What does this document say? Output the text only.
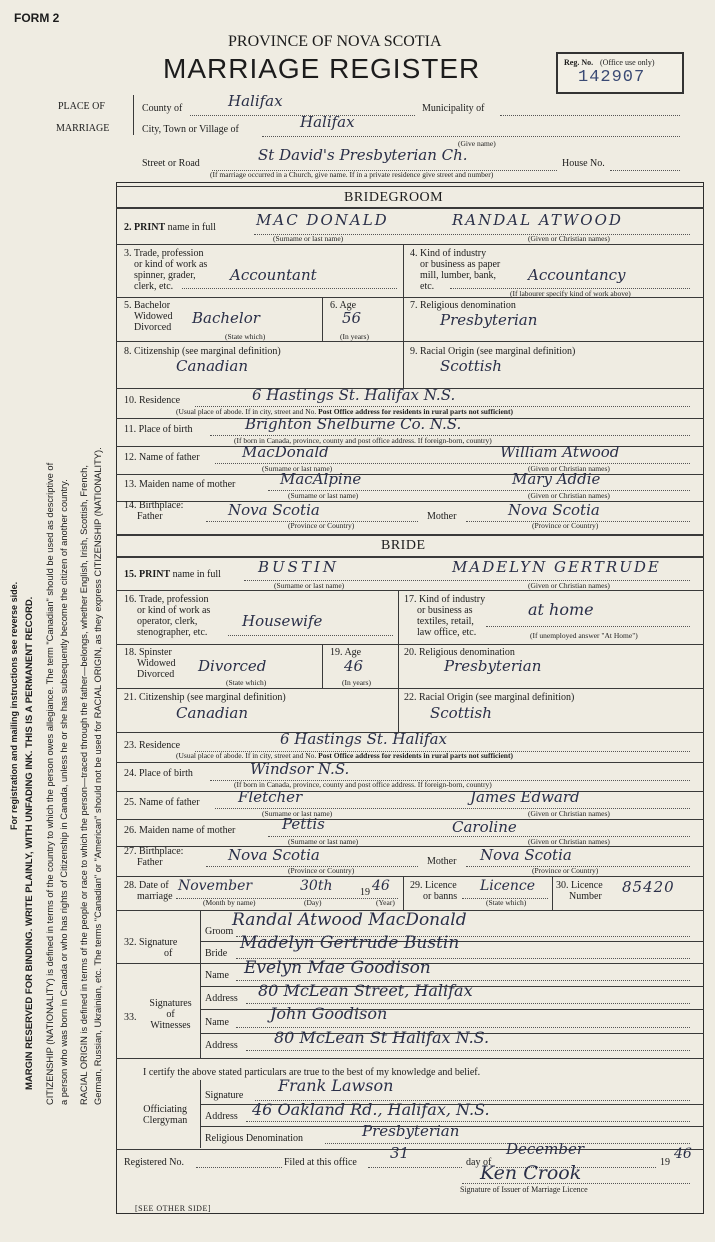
FORM 2
PROVINCE OF NOVA SCOTIA
MARRIAGE REGISTER	Reg. No. (Office use only)
142907
PLACE OF
MARRIAGE
County of	Halifax	Municipality of
City, Town or Village of	Halifax
(Give name)
Street or Road	St David's Presbyterian Ch.	House No.
(If marriage occurred in a Church, give name. If in a private residence give street and number)
For registration and mailing instructions see reverse side. MARGIN RESERVED FOR BINDING. WRITE PLAINLY, WITH UNFADING INK. THIS IS A PERMANENT RECORD. CITIZENSHIP (NATIONALITY) is defined in terms of the country to which the person owes allegiance. The term "Canadian" should be used as descriptive of a person who was born in Canada or who has rights of Citizenship in Canada, unless he or she has subsequently become the citizen of another country. RACIAL ORIGIN is defined in terms of the people or race to which the person—traced through the father—belongs, whether English, Irish, Scottish, French, German, Russian, Ukrainian, etc. The terms "Canadian" or "American" should not be used for RACIAL ORIGIN, as they express CITIZENSHIP (NATIONALITY).
BRIDEGROOM
2. PRINT name in full	MAC DONALD	RANDAL ATWOOD
(Surname or last name)	(Given or Christian names)
3. Trade, profession
or kind of work as
spinner, grader,
clerk, etc.
Accountant
4. Kind of industry
or business as paper
mill, lumber, bank,
etc.
Accountancy
(If labourer specify kind of work above)
5. Bachelor
Widowed
Divorced
Bachelor
(State which)
6. Age
56
(In years)
7. Religious denomination
Presbyterian
8. Citizenship (see marginal definition)
Canadian
9. Racial Origin (see marginal definition)
Scottish
10. Residence	6 Hastings St. Halifax N.S.
(Usual place of abode. If in city, street and No. Post Office address for residents in rural parts not sufficient)
11. Place of birth	Brighton Shelburne Co. N.S.
(If born in Canada, province, county and post office address. If foreign-born, country)
12. Name of father	MacDonald	William Atwood
(Surname or last name)	(Given or Christian names)
13. Maiden name of mother	MacAlpine	Mary Addie
(Surname or last name)	(Given or Christian names)
14. Birthplace:
Father	Nova Scotia
(Province or Country)
Mother	Nova Scotia
(Province or Country)
BRIDE
15. PRINT name in full BUSTIN	MADELYN GERTRUDE
(Surname or last name)	(Given or Christian names)
16. Trade, profession
or kind of work as
operator, clerk,
stenographer, etc.
Housewife
17. Kind of industry
or business as
textiles, retail,
law office, etc.
at home
(If unemployed answer "At Home")
18. Spinster
Widowed
Divorced Divorced
(State which)
19. Age
46
(In years)
20. Religious denomination
Presbyterian
21. Citizenship (see marginal definition)
Canadian
22. Racial Origin (see marginal definition)
Scottish
23. Residence	6 Hastings St. Halifax
(Usual place of abode. If in city, street and No. Post Office address for residents in rural parts not sufficient)
24. Place of birth	Windsor N.S.
(If born in Canada, province, county and post office address. If foreign-born, country)
25. Name of father	Fletcher	James Edward
(Surname or last name)	(Given or Christian names)
26. Maiden name of mother	Pettis	Caroline
(Surname or last name)	(Given or Christian names)
27. Birthplace:
Father	Nova Scotia
(Province or Country)
Mother Nova Scotia
(Province or Country)
28. Date of
marriage
November	30th	19 46
(Month by name)	(Day)	(Year)
29. Licence
or banns
Licence
(State which)
30. Licence
Number
85420
32. Signature
of
Groom
Randal Atwood MacDonald
Bride
Madelyn Gertrude Bustin
33.
Signatures
of
Witnesses
Name Evelyn Mae Goodison
Address 80 McLean Street, Halifax
Name	John Goodison
Address 80 McLean St Halifax N.S.
I certify the above stated particulars are true to the best of my knowledge and belief.
Officiating
Clergyman
Signature
Frank Lawson
Address 46 Oakland Rd., Halifax, N.S.
Religious Denomination	Presbyterian
Registered No.	Filed at this office
31
day of
December
19
46
Ken Crook
Signature of Issuer of Marriage Licence
[SEE OTHER SIDE]
